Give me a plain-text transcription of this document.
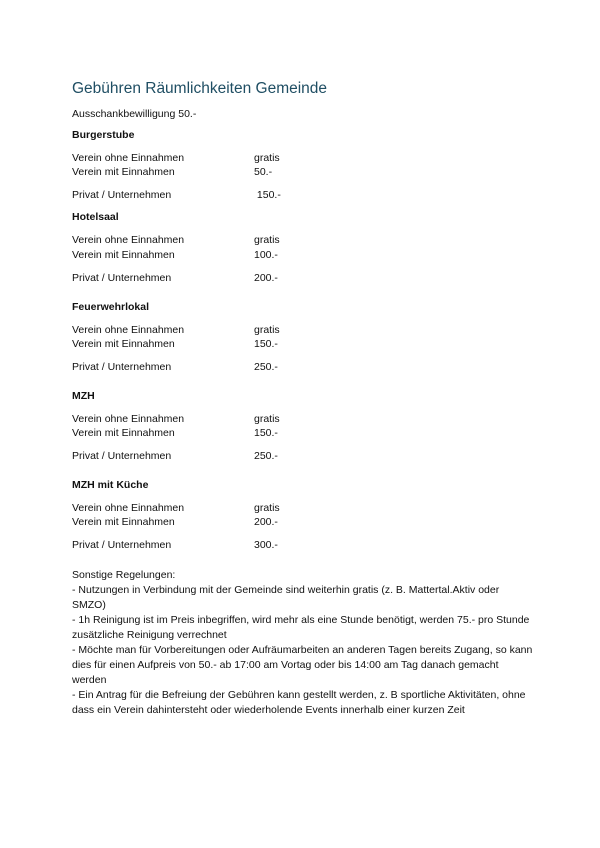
Gebühren Räumlichkeiten Gemeinde
Ausschankbewilligung 50.-
Burgerstube
Verein ohne Einnahmen	gratis
Verein mit Einnahmen	50.-
Privat / Unternehmen	150.-
Hotelsaal
Verein ohne Einnahmen	gratis
Verein mit Einnahmen	100.-
Privat / Unternehmen	200.-
Feuerwehrlokal
Verein ohne Einnahmen	gratis
Verein mit Einnahmen	150.-
Privat / Unternehmen	250.-
MZH
Verein ohne Einnahmen	gratis
Verein mit Einnahmen	150.-
Privat / Unternehmen	250.-
MZH mit Küche
Verein ohne Einnahmen	gratis
Verein mit Einnahmen	200.-
Privat / Unternehmen	300.-
Sonstige Regelungen:
- Nutzungen in Verbindung mit der Gemeinde sind weiterhin gratis (z. B. Mattertal.Aktiv oder SMZO)
- 1h Reinigung ist im Preis inbegriffen, wird mehr als eine Stunde benötigt, werden 75.- pro Stunde zusätzliche Reinigung verrechnet
- Möchte man für Vorbereitungen oder Aufräumarbeiten an anderen Tagen bereits Zugang, so kann dies für einen Aufpreis von 50.- ab 17:00 am Vortag oder bis 14:00 am Tag danach gemacht werden
- Ein Antrag für die Befreiung der Gebühren kann gestellt werden, z. B sportliche Aktivitäten, ohne dass ein Verein dahintersteht oder wiederholende Events innerhalb einer kurzen Zeit
